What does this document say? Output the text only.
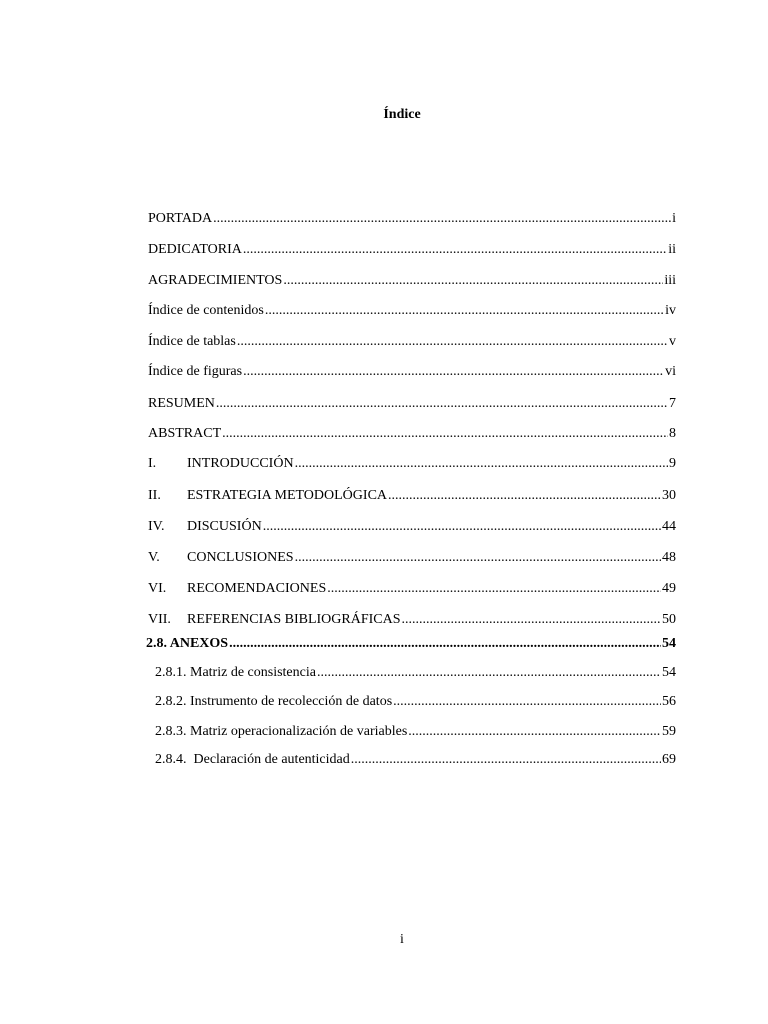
Índice
PORTADA .....	i
DEDICATORIA .....	ii
AGRADECIMIENTOS .....	iii
Índice de contenidos .....	iv
Índice de tablas .....	v
Índice de figuras .....	vi
RESUMEN .....	7
ABSTRACT .....	8
I.	INTRODUCCIÓN .....	9
II.	ESTRATEGIA METODOLÓGICA .....	30
IV.	DISCUSIÓN .....	44
V.	CONCLUSIONES .....	48
VI.	RECOMENDACIONES .....	49
VII.	REFERENCIAS BIBLIOGRÁFICAS .....	50
2.8. ANEXOS .....	54
2.8.1. Matriz de consistencia .....	54
2.8.2. Instrumento de recolección de datos .....	56
2.8.3. Matriz operacionalización de variables .....	59
2.8.4.  Declaración de autenticidad .....	69
i
